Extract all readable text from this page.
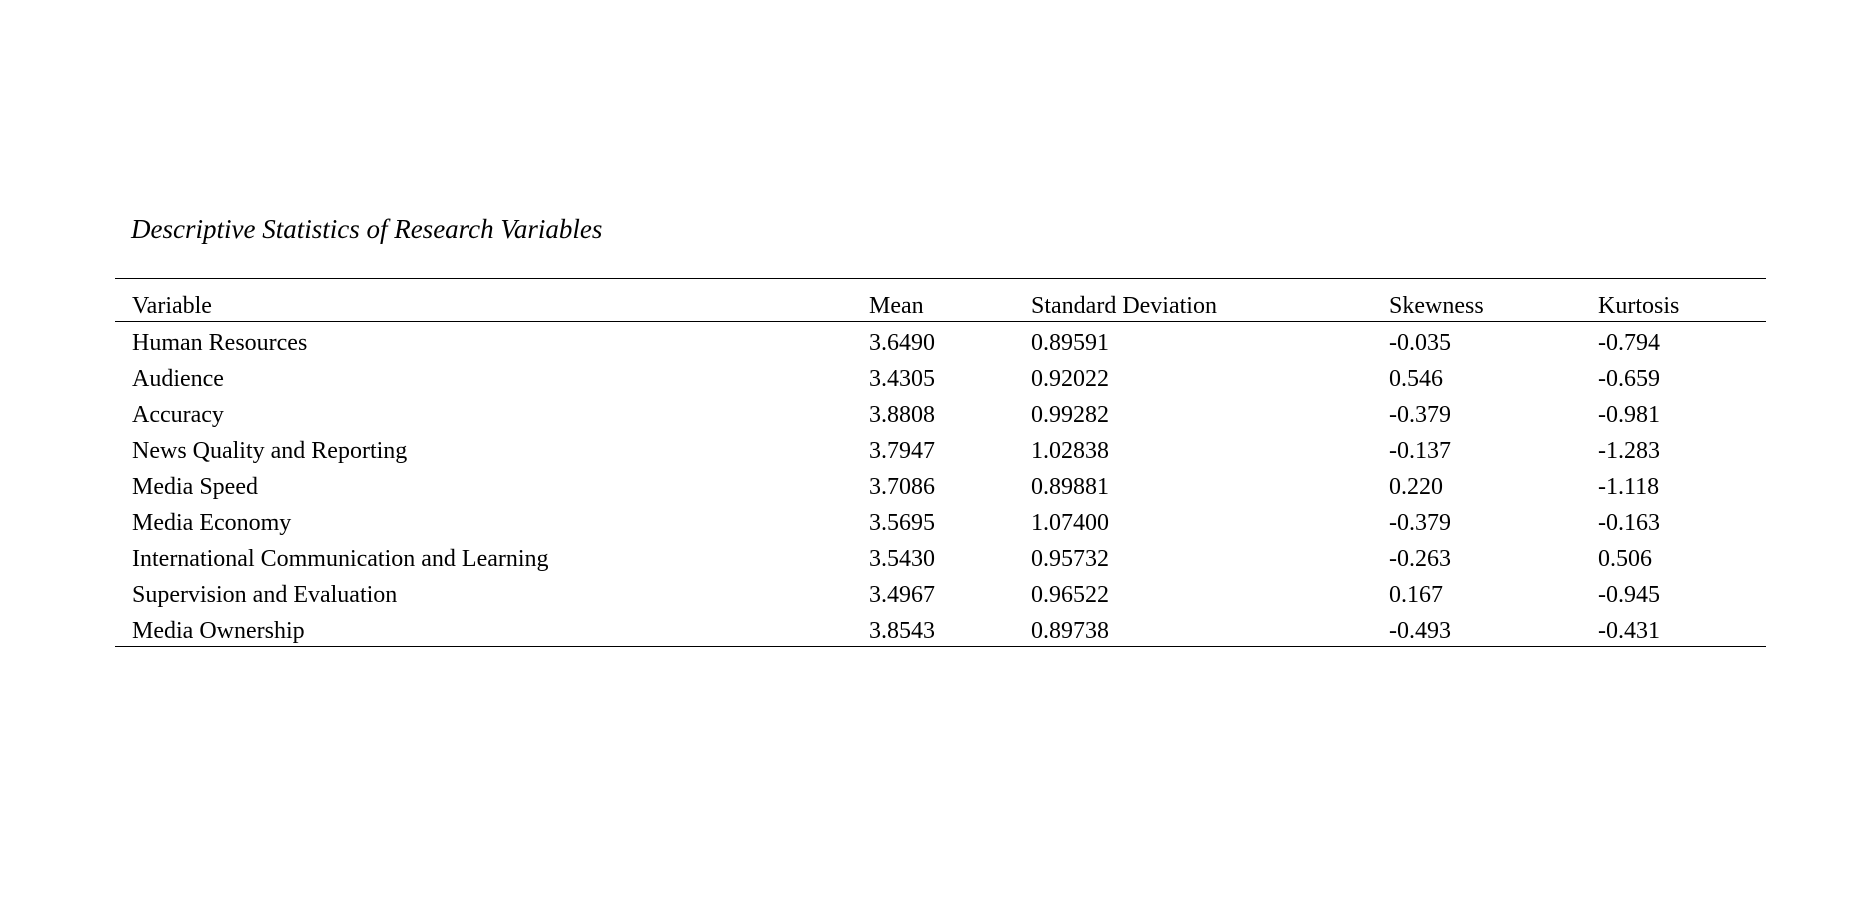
Descriptive Statistics of Research Variables
Variable	Mean	Standard Deviation	Skewness	Kurtosis
Human Resources	3.6490	0.89591	-0.035	-0.794
Audience	3.4305	0.92022	0.546	-0.659
Accuracy	3.8808	0.99282	-0.379	-0.981
News Quality and Reporting	3.7947	1.02838	-0.137	-1.283
Media Speed	3.7086	0.89881	0.220	-1.118
Media Economy	3.5695	1.07400	-0.379	-0.163
International Communication and Learning	3.5430	0.95732	-0.263	0.506
Supervision and Evaluation	3.4967	0.96522	0.167	-0.945
Media Ownership	3.8543	0.89738	-0.493	-0.431
